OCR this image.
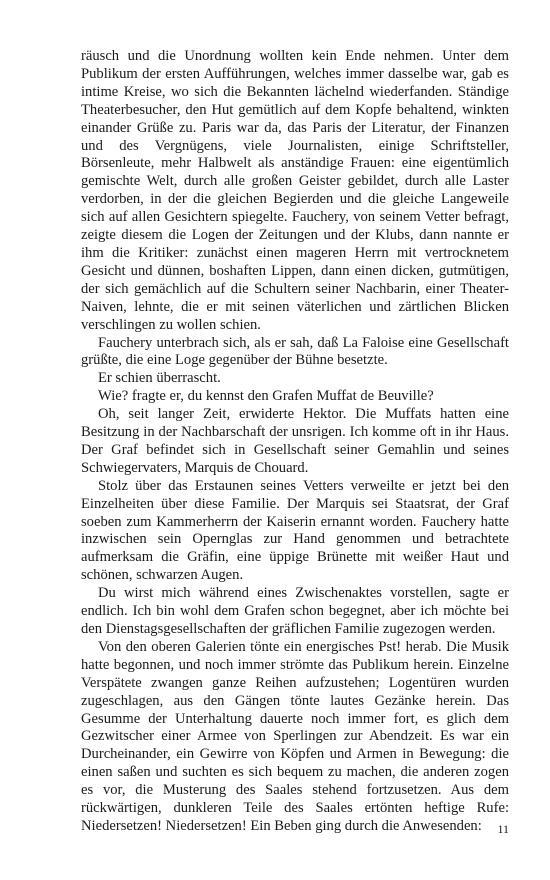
räusch und die Unordnung wollten kein Ende nehmen. Unter dem Publikum der ersten Aufführungen, welches immer dasselbe war, gab es intime Kreise, wo sich die Bekannten lächelnd wiederfanden. Ständige Theaterbesucher, den Hut gemütlich auf dem Kopfe behaltend, winkten einander Grüße zu. Paris war da, das Paris der Literatur, der Finanzen und des Vergnügens, viele Journalisten, einige Schriftsteller, Börsenleute, mehr Halbwelt als anständige Frauen: eine eigentümlich gemischte Welt, durch alle großen Geister gebildet, durch alle Laster verdorben, in der die gleichen Begierden und die gleiche Langeweile sich auf allen Gesichtern spiegelte. Fauchery, von seinem Vetter befragt, zeigte diesem die Logen der Zeitungen und der Klubs, dann nannte er ihm die Kritiker: zunächst einen mageren Herrn mit vertrocknetem Gesicht und dünnen, boshaften Lippen, dann einen dicken, gutmütigen, der sich gemächlich auf die Schultern seiner Nachbarin, einer Theater-Naiven, lehnte, die er mit seinen väterlichen und zärtlichen Blicken verschlingen zu wollen schien.

Fauchery unterbrach sich, als er sah, daß La Faloise eine Gesellschaft grüßte, die eine Loge gegenüber der Bühne besetzte.

Er schien überrascht.

Wie? fragte er, du kennst den Grafen Muffat de Beuville?

Oh, seit langer Zeit, erwiderte Hektor. Die Muffats hatten eine Besitzung in der Nachbarschaft der unsrigen. Ich komme oft in ihr Haus. Der Graf befindet sich in Gesellschaft seiner Gemahlin und seines Schwiegervaters, Marquis de Chouard.

Stolz über das Erstaunen seines Vetters verweilte er jetzt bei den Einzelheiten über diese Familie. Der Marquis sei Staatsrat, der Graf soeben zum Kammerherrn der Kaiserin ernannt worden. Fauchery hatte inzwischen sein Opernglas zur Hand genommen und betrachtete aufmerksam die Gräfin, eine üppige Brünette mit weißer Haut und schönen, schwarzen Augen.

Du wirst mich während eines Zwischenaktes vorstellen, sagte er endlich. Ich bin wohl dem Grafen schon begegnet, aber ich möchte bei den Dienstagsgesellschaften der gräflichen Familie zugezogen werden.

Von den oberen Galerien tönte ein energisches Pst! herab. Die Musik hatte begonnen, und noch immer strömte das Publikum herein. Einzelne Verspätete zwangen ganze Reihen aufzustehen; Logentüren wurden zugeschlagen, aus den Gängen tönte lautes Gezänke herein. Das Gesumme der Unterhaltung dauerte noch immer fort, es glich dem Gezwitscher einer Armee von Sperlingen zur Abendzeit. Es war ein Durcheinander, ein Gewirre von Köpfen und Armen in Bewegung: die einen saßen und suchten es sich bequem zu machen, die anderen zogen es vor, die Musterung des Saales stehend fortzusetzen. Aus dem rückwärtigen, dunkleren Teile des Saales ertönten heftige Rufe: Niedersetzen! Niedersetzen! Ein Beben ging durch die Anwesenden:	11
